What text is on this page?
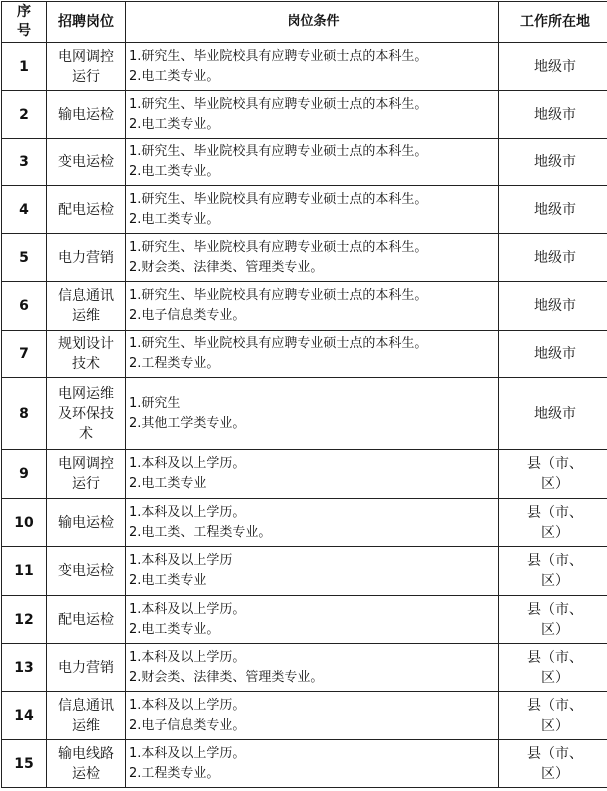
序号	招聘岗位	岗位条件	工作所在地
1	电网调控运行	1.研究生、毕业院校具有应聘专业硕士点的本科生。
2.电工类专业。	地级市
2	输电运检	1.研究生、毕业院校具有应聘专业硕士点的本科生。
2.电工类专业。	地级市
3	变电运检	1.研究生、毕业院校具有应聘专业硕士点的本科生。
2.电工类专业。	地级市
4	配电运检	1.研究生、毕业院校具有应聘专业硕士点的本科生。
2.电工类专业。	地级市
5	电力营销	1.研究生、毕业院校具有应聘专业硕士点的本科生。
2.财会类、法律类、管理类专业。	地级市
6	信息通讯运维	1.研究生、毕业院校具有应聘专业硕士点的本科生。
2.电子信息类专业。	地级市
7	规划设计技术	1.研究生、毕业院校具有应聘专业硕士点的本科生。
2.工程类专业。	地级市
8	电网运维及环保技术	1.研究生
2.其他工学类专业。	地级市
9	电网调控运行	1.本科及以上学历。
2.电工类专业	县（市、区）
10	输电运检	1.本科及以上学历。
2.电工类、工程类专业。	县（市、区）
11	变电运检	1.本科及以上学历
2.电工类专业	县（市、区）
12	配电运检	1.本科及以上学历。
2.电工类专业。	县（市、区）
13	电力营销	1.本科及以上学历。
2.财会类、法律类、管理类专业。	县（市、区）
14	信息通讯运维	1.本科及以上学历。
2.电子信息类专业。	县（市、区）
15	输电线路运检	1.本科及以上学历。
2.工程类专业。	县（市、区）
